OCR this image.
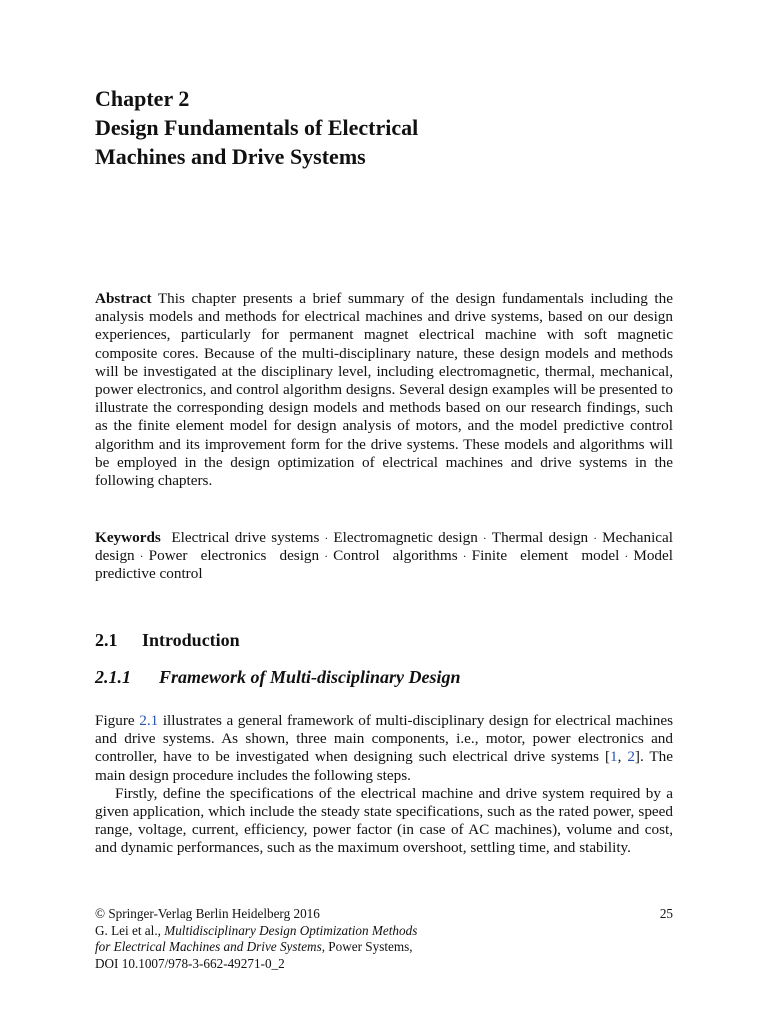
Chapter 2
Design Fundamentals of Electrical
Machines and Drive Systems

Abstract This chapter presents a brief summary of the design fundamentals including the analysis models and methods for electrical machines and drive systems, based on our design experiences, particularly for permanent magnet electrical machine with soft magnetic composite cores. Because of the multi-disciplinary nature, these design models and methods will be investigated at the disciplinary level, including electromagnetic, thermal, mechanical, power electronics, and control algorithm designs. Several design examples will be presented to illustrate the corresponding design models and methods based on our research findings, such as the finite element model for design analysis of motors, and the model predictive control algorithm and its improvement form for the drive systems. These models and algorithms will be employed in the design optimization of electrical machines and drive systems in the following chapters.

Keywords Electrical drive systems · Electromagnetic design · Thermal design · Mechanical design · Power electronics design · Control algorithms · Finite element model · Model predictive control

2.1 Introduction
2.1.1 Framework of Multi-disciplinary Design

Figure 2.1 illustrates a general framework of multi-disciplinary design for electrical machines and drive systems. As shown, three main components, i.e., motor, power electronics and controller, have to be investigated when designing such electrical drive systems [1, 2]. The main design procedure includes the following steps.

Firstly, define the specifications of the electrical machine and drive system required by a given application, which include the steady state specifications, such as the rated power, speed range, voltage, current, efficiency, power factor (in case of AC machines), volume and cost, and dynamic performances, such as the maximum overshoot, settling time, and stability.

© Springer-Verlag Berlin Heidelberg 2016	25
G. Lei et al., Multidisciplinary Design Optimization Methods
for Electrical Machines and Drive Systems, Power Systems,
DOI 10.1007/978-3-662-49271-0_2
